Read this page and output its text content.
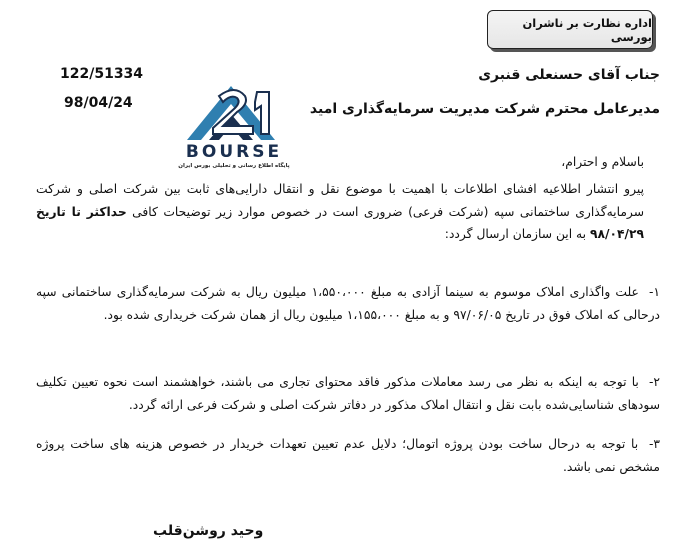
اداره نظارت بر ناشران بورسی
122/51334
98/04/24
جناب آقای حسنعلی قنبری
مدیرعامل محترم شرکت مدیریت سرمایه‌گذاری امید
BOURSE
پایگاه اطلاع رسانی و تحلیلی بورس ایران	باسلام و احترام،
پیرو انتشار اطلاعیه افشای اطلاعات با اهمیت با موضوع نقل و انتقال دارایی‌های ثابت بین شرکت اصلی و شرکت سرمایه‌گذاری ساختمانی سپه (شرکت فرعی) ضروری است در خصوص موارد زیر توضیحات کافی حداکثر تا تاریخ ۹۸/۰۴/۲۹ به این سازمان ارسال گردد:
۱- علت واگذاری املاک موسوم به سینما آزادی به مبلغ ۱،۵۵۰،۰۰۰ میلیون ریال به شرکت سرمایه‌گذاری ساختمانی سپه درحالی که املاک فوق در تاریخ ۹۷/۰۶/۰۵ و به مبلغ ۱،۱۵۵،۰۰۰ میلیون ریال از همان شرکت خریداری شده بود.
۲- با توجه به اینکه به نظر می رسد معاملات مذکور فاقد محتوای تجاری می باشند، خواهشمند است نحوه تعیین تکلیف سودهای شناسایی‌شده بابت نقل و انتقال املاک مذکور در دفاتر شرکت اصلی و شرکت فرعی ارائه گردد.
۳- با توجه به درحال ساخت بودن پروژه اتومال؛ دلایل عدم تعیین تعهدات خریدار در خصوص هزینه های ساخت پروژه مشخص نمی باشد.
وحید روشن‌قلب
